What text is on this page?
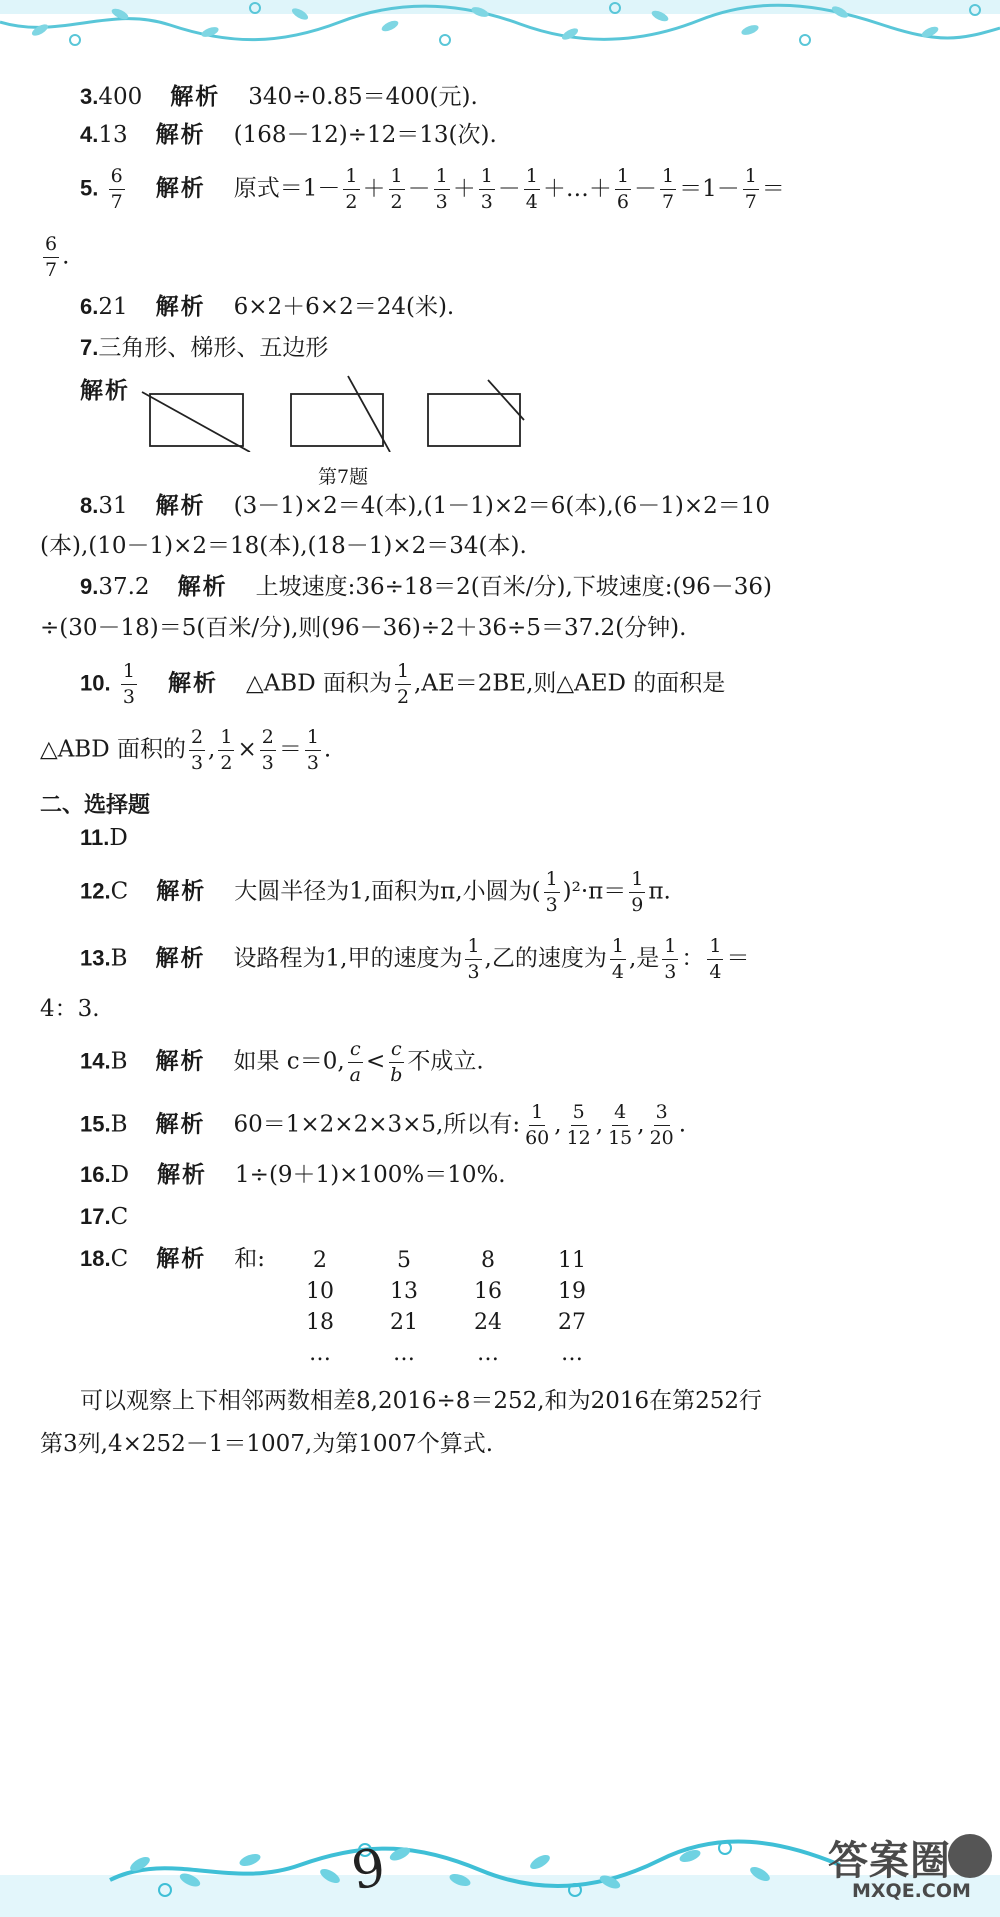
3.400 解析 340÷0.85＝400(元).
4.13 解析 (168－12)÷12＝13(次).
5. $\frac{6}{7}$ 解析 原式$=1- \frac{1}{2} + \frac{1}{2} - \frac{1}{3} + \frac{1}{3} - \frac{1}{4}$ ＋…＋ $\frac{1}{6} - \frac{1}{7} =1- \frac{1}{7}$ ＝
$\frac{6}{7}$ .
6.21 解析 6×2＋6×2＝24(米).
7.三角形、梯形、五边形
解析
第7题
8.31 解析 (3－1)×2＝4(本),(1－1)×2＝6(本),(6－1)×2＝10
(本),(10－1)×2＝18(本),(18－1)×2＝34(本).
9.37.2 解析 上坡速度:36÷18＝2(百米/分),下坡速度:(96－36)
÷(30－18)＝5(百米/分),则(96－36)÷2＋36÷5＝37.2(分钟).
10. $\frac{1}{3}$ 解析 △ABD 面积为 $\frac{1}{2} ,AE=2BE$,则△AED 的面积是
△ABD 面积的 $\frac{2}{3}$ , $\frac{1}{2} \times \frac{2}{3} = \frac{1}{3}$ .
二、选择题
11.D
12.C 解析 大圆半径为1,面积为π,小圆为( $\frac{1}{3} )^2\cdot\pi= \frac{1}{9} \pi$.
13.B 解析 设路程为1,甲的速度为 $\frac{1}{3}$ ,乙的速度为 $\frac{1}{4}$ ,是 $\frac{1}{3}$ ： $\frac{1}{4}$ ＝
4：3.
14.B 解析 如果 c＝0, $\frac{c}{a} < \frac{c}{b}$ 不成立.
15.B 解析 60＝1×2×2×3×5,所以有: $\frac{1}{60}$ , $\frac{5}{12}$ , $\frac{4}{15}$ , $\frac{3}{20}$ .
16.D 解析 1÷(9＋1)×100%＝10%.
17.C
18.C 解析 和:	2	5	8	11
10	13	16	19
18	21	24	27
…	…	…	…
可以观察上下相邻两数相差8,2016÷8＝252,和为2016在第252行
第3列,4×252－1＝1007,为第1007个算式.
9	答案圈
MXQE.COM
